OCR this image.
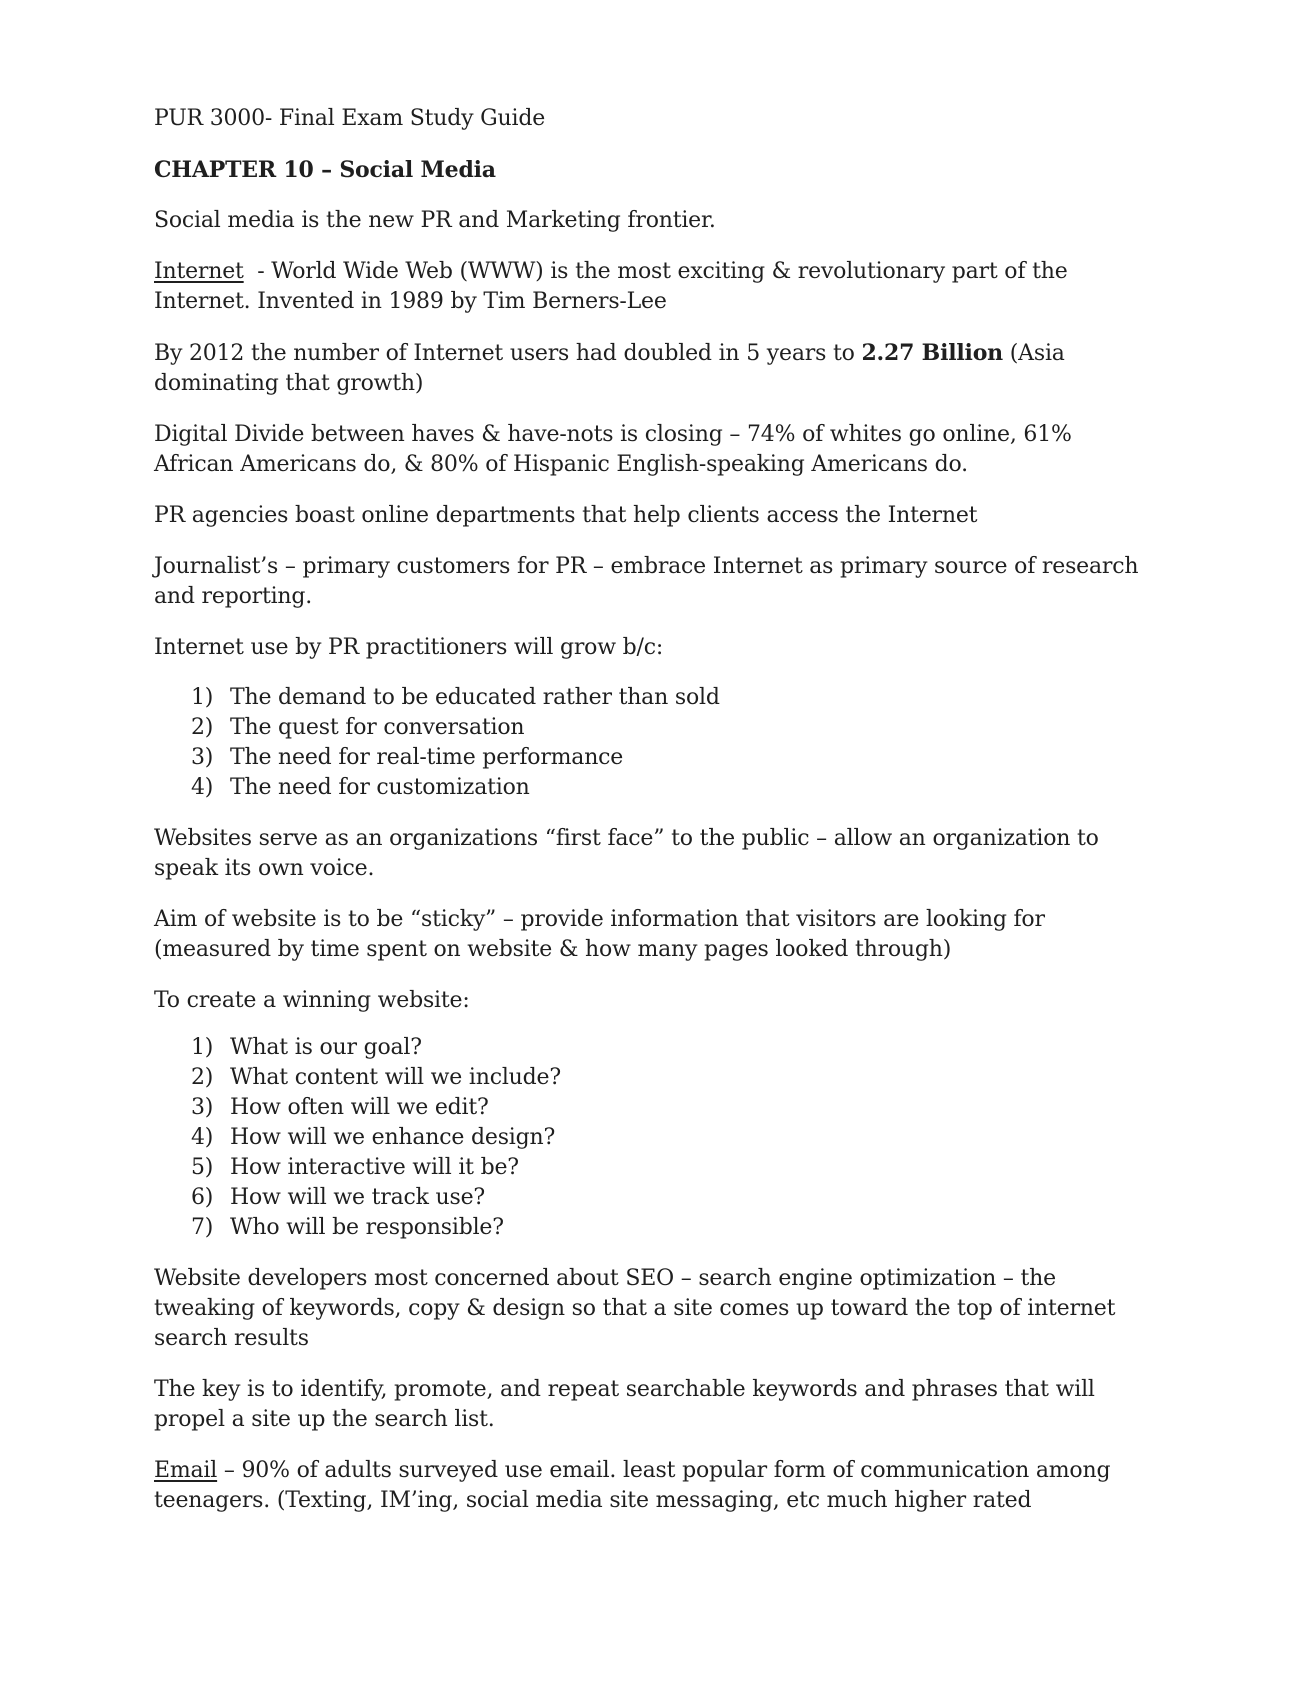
PUR 3000- Final Exam Study Guide

CHAPTER 10 – Social Media

Social media is the new PR and Marketing frontier.

Internet  - World Wide Web (WWW) is the most exciting & revolutionary part of the Internet. Invented in 1989 by Tim Berners-Lee

By 2012 the number of Internet users had doubled in 5 years to 2.27 Billion (Asia dominating that growth)

Digital Divide between haves & have-nots is closing – 74% of whites go online, 61% African Americans do, & 80% of Hispanic English-speaking Americans do.

PR agencies boast online departments that help clients access the Internet

Journalist’s – primary customers for PR – embrace Internet as primary source of research and reporting.

Internet use by PR practitioners will grow b/c:

1) The demand to be educated rather than sold
2) The quest for conversation
3) The need for real-time performance
4) The need for customization

Websites serve as an organizations “first face” to the public – allow an organization to speak its own voice.

Aim of website is to be “sticky” – provide information that visitors are looking for (measured by time spent on website & how many pages looked through)

To create a winning website:

1) What is our goal?
2) What content will we include?
3) How often will we edit?
4) How will we enhance design?
5) How interactive will it be?
6) How will we track use?
7) Who will be responsible?

Website developers most concerned about SEO – search engine optimization – the tweaking of keywords, copy & design so that a site comes up toward the top of internet search results

The key is to identify, promote, and repeat searchable keywords and phrases that will propel a site up the search list.

Email – 90% of adults surveyed use email. least popular form of communication among teenagers. (Texting, IM’ing, social media site messaging, etc much higher rated
